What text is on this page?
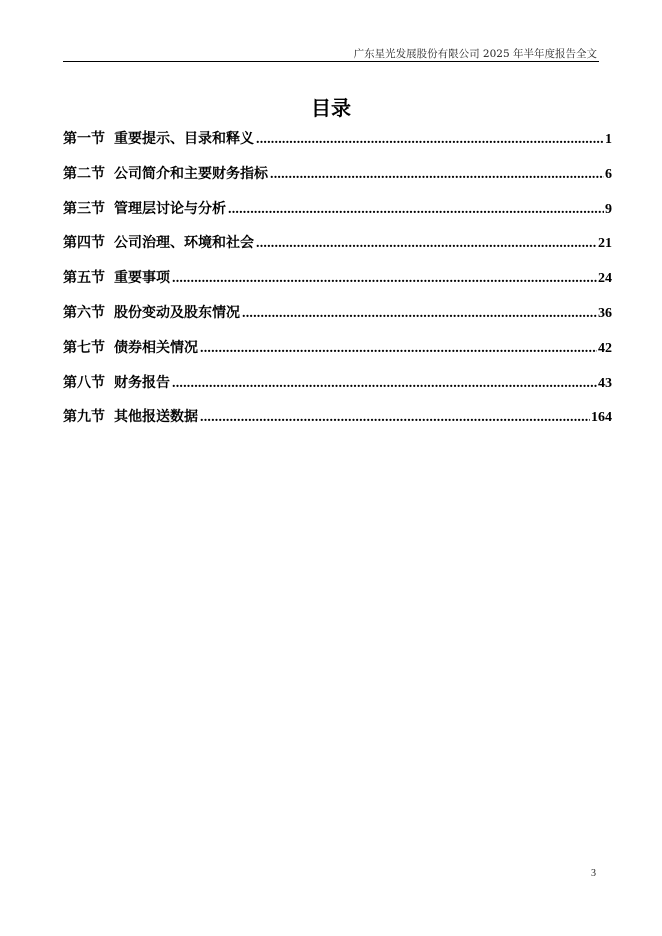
广东星光发展股份有限公司 2025 年半年度报告全文
目录
第一节 重要提示、目录和释义 .....	1
第二节 公司简介和主要财务指标 .....	6
第三节 管理层讨论与分析 .....	9
第四节 公司治理、环境和社会 .....	21
第五节 重要事项 .....	24
第六节 股份变动及股东情况 .....	36
第七节 债券相关情况 .....	42
第八节 财务报告 .....	43
第九节 其他报送数据 .....	164
3
